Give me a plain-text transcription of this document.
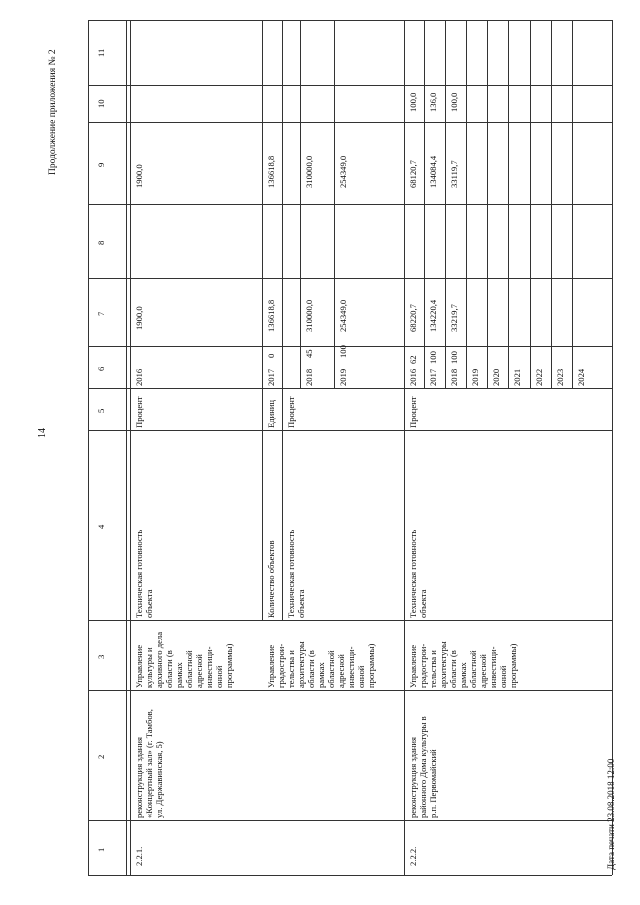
11
10
9
8
7
6
5
4
3
2
1	2.2.1.
реконструкция здания «Концертный зал» (г. Тамбов, ул. Державинская, 5)
Управление культуры и архивного дела области (в рамках областной адресной инвестици- онной программы)
Техническая готовность объекта
Процент
2016
1900,0
1900,0
Управление градострои- тельства и архитектуры области (в рамках областной адресной инвестици- онной программы)
Количество объектов
Единиц
Техническая готовность объекта
Процент
2017
0
136618,8
136618,8
2018
45
310000,0
310000,0
2019
100
254349,0
254349,0
2.2.2.
реконструкция здания районного Дома культуры в р.п. Первомайский
Управление градострои- тельства и архитектуры области (в рамках областной адресной инвестици- онной программы)
Техническая готовность объекта
Процент
2016
62
68220,7
68120,7
100,0
2017
100
134220,4
134084,4
136,0
2018
100
33219,7
33119,7
100,0
2019 2020 2021 2022 2023 2024
14
Продолжение приложения № 2
Дата печати 23.08.2018 12:00
